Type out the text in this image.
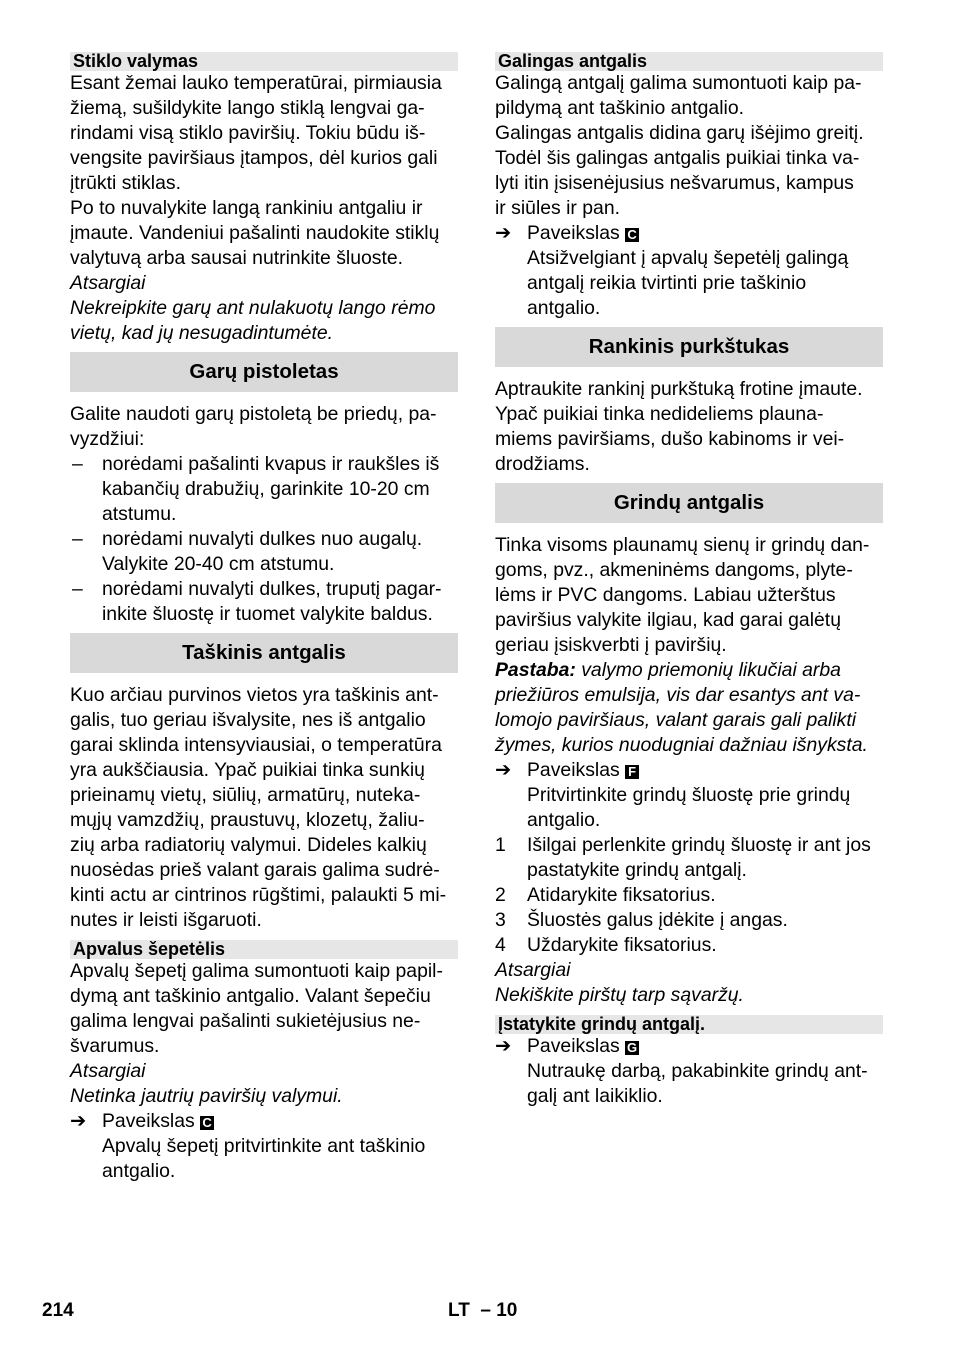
Stiklo valymas

Esant žemai lauko temperatūrai, pirmiausia
žiemą, sušildykite lango stiklą lengvai ga-
rindami visą stiklo paviršių. Tokiu būdu iš-
vengsite paviršiaus įtampos, dėl kurios gali
įtrūkti stiklas.

Po to nuvalykite langą rankiniu antgaliu ir
įmaute. Vandeniui pašalinti naudokite stiklų
valytuvą arba sausai nutrinkite šluoste.

Atsargiai

Nekreipkite garų ant nulakuotų lango rėmo
vietų, kad jų nesugadintumėte.

Garų pistoletas

Galite naudoti garų pistoletą be priedų, pa-
vyzdžiui:

– norėdami pašalinti kvapus ir raukšles iš
kabančių drabužių, garinkite 10-20 cm
atstumu.
– norėdami nuvalyti dulkes nuo augalų.
Valykite 20-40 cm atstumu.
– norėdami nuvalyti dulkes, truputį pagar-
inkite šluostę ir tuomet valykite baldus.
Taškinis antgalis

Kuo arčiau purvinos vietos yra taškinis ant-
galis, tuo geriau išvalysite, nes iš antgalio
garai sklinda intensyviausiai, o temperatūra
yra aukščiausia. Ypač puikiai tinka sunkių
prieinamų vietų, siūlių, armatūrų, nuteka-
mųjų vamzdžių, praustuvų, klozetų, žaliu-
zių arba radiatorių valymui. Dideles kalkių
nuosėdas prieš valant garais galima sudrė-
kinti actu ar cintrinos rūgštimi, palaukti 5 mi-
nutes ir leisti išgaruoti.

Apvalus šepetėlis

Apvalų šepetį galima sumontuoti kaip papil-
dymą ant taškinio antgalio. Valant šepečiu
galima lengvai pašalinti sukietėjusius ne-
švarumus.

Atsargiai

Netinka jautrių paviršių valymui.

➔ Paveikslas C
Apvalų šepetį pritvirtinkite ant taškinio
antgalio.
Galingas antgalis

Galingą antgalį galima sumontuoti kaip pa-
pildymą ant taškinio antgalio.

Galingas antgalis didina garų išėjimo greitį.
Todėl šis galingas antgalis puikiai tinka va-
lyti itin įsisenėjusius nešvarumus, kampus
ir siūles ir pan.

➔ Paveikslas C
Atsižvelgiant į apvalų šepetėlį galingą
antgalį reikia tvirtinti prie taškinio antgalio.
Rankinis purkštukas

Aptraukite rankinį purkštuką frotine įmaute.
Ypač puikiai tinka nedideliems plauna-
miems paviršiams, dušo kabinoms ir vei-
drodžiams.

Grindų antgalis

Tinka visoms plaunamų sienų ir grindų dan-
goms, pvz., akmeninėms dangoms, plyte-
lėms ir PVC dangoms. Labiau užterštus
paviršius valykite ilgiau, kad garai galėtų
geriau įsiskverbti į paviršių.

Pastaba: valymo priemonių likučiai arba
priežiūros emulsija, vis dar esantys ant va-
lomojo paviršiaus, valant garais gali palikti
žymes, kurios nuodugniai dažniau išnyksta.

➔ Paveikslas F
Pritvirtinkite grindų šluostę prie grindų
antgalio.
1	Išilgai perlenkite grindų šluostę ir ant jos
pastatykite grindų antgalį.
2	Atidarykite fiksatorius.
3	Šluostės galus įdėkite į angas.
4	Uždarykite fiksatorius.

Atsargiai

Nekiškite pirštų tarp sąvaržų.

Įstatykite grindų antgalį.
➔ Paveikslas G
Nutraukę darbą, pakabinkite grindų ant-
galį ant laikiklio.
214	LT – 10
